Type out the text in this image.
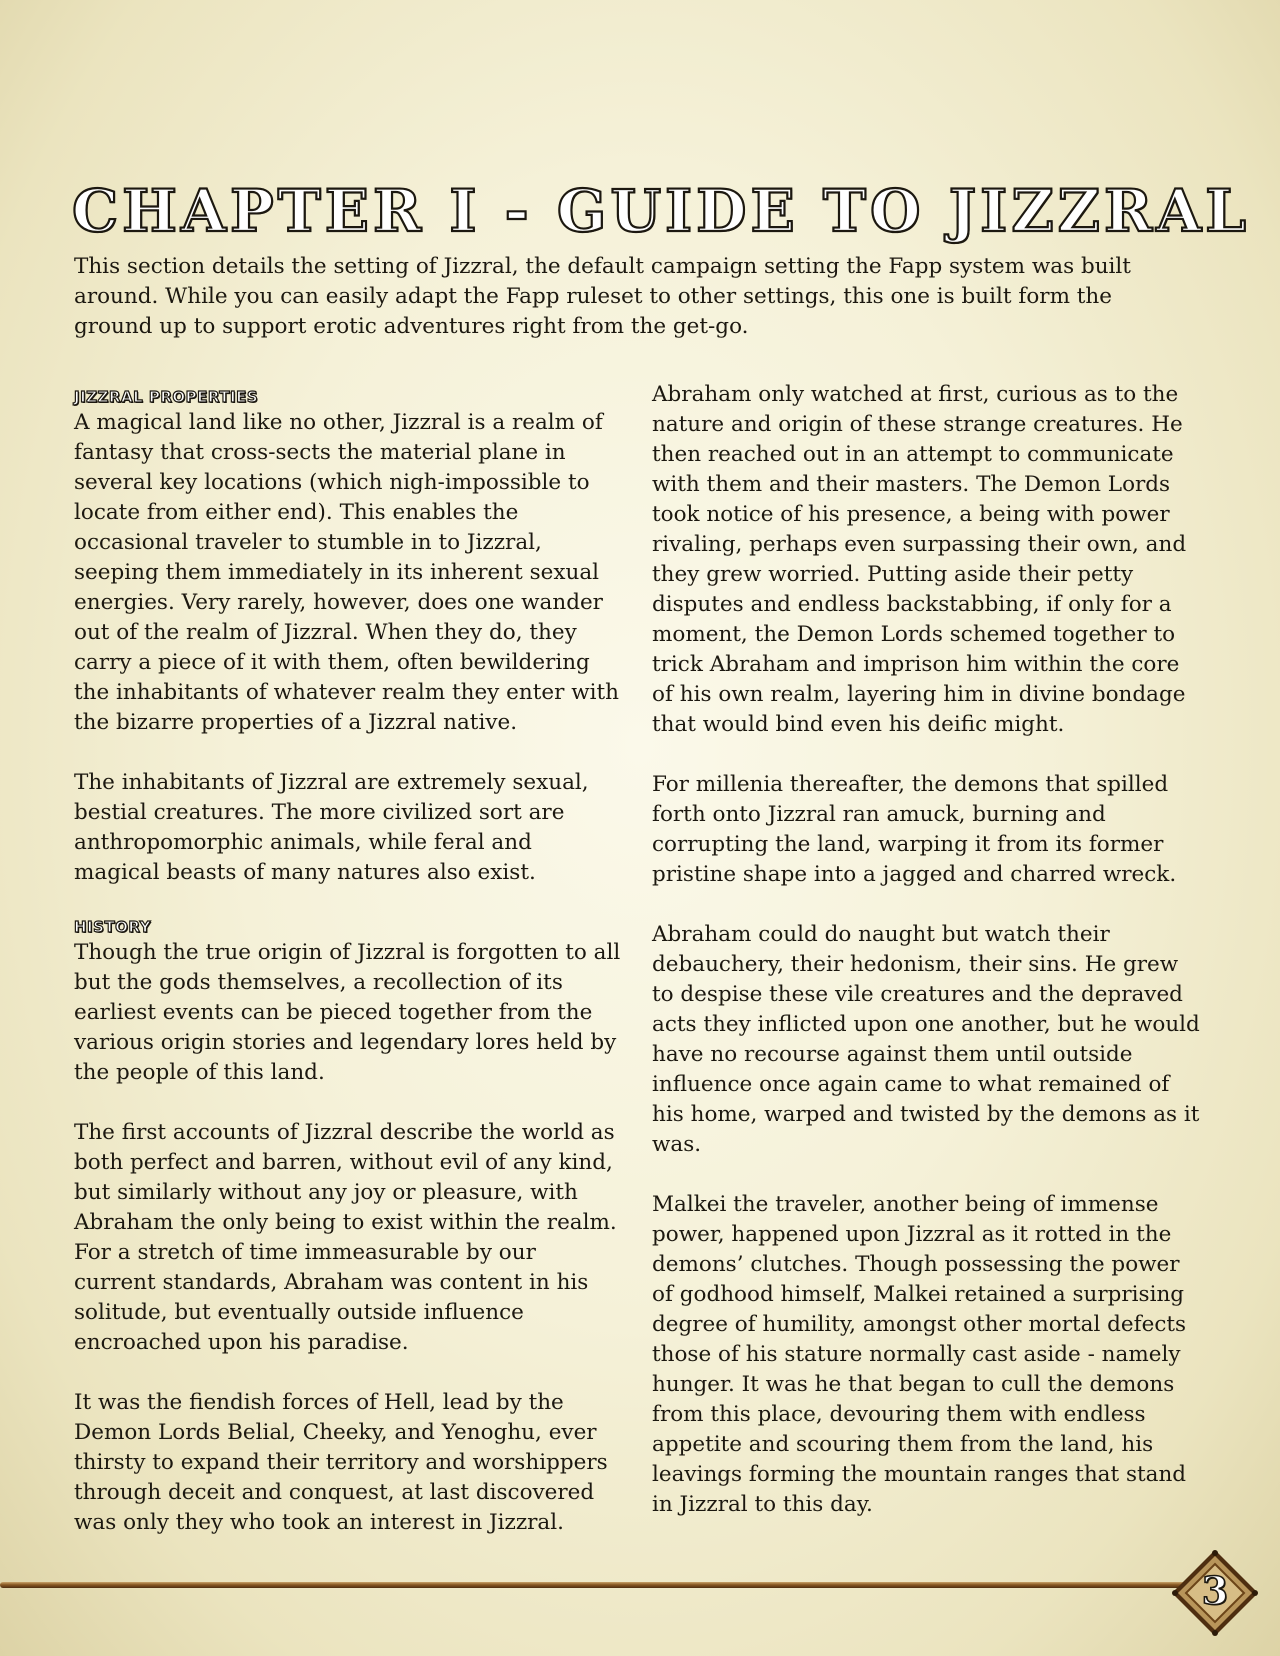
CHAPTER I - GUIDE TO JIZZRAL

This section details the setting of Jizzral, the default campaign setting the Fapp system was built around. While you can easily adapt the Fapp ruleset to other settings, this one is built form the ground up to support erotic adventures right from the get-go.

JIZZRAL PROPERTIES

A magical land like no other, Jizzral is a realm of fantasy that cross-sects the material plane in several key locations (which nigh-impossible to locate from either end). This enables the occasional traveler to stumble in to Jizzral, seeping them immediately in its inherent sexual energies. Very rarely, however, does one wander out of the realm of Jizzral. When they do, they carry a piece of it with them, often bewildering the inhabitants of whatever realm they enter with the bizarre properties of a Jizzral native.

The inhabitants of Jizzral are extremely sexual, bestial creatures. The more civilized sort are anthropomorphic animals, while feral and magical beasts of many natures also exist.

HISTORY

Though the true origin of Jizzral is forgotten to all but the gods themselves, a recollection of its earliest events can be pieced together from the various origin stories and legendary lores held by the people of this land.

The first accounts of Jizzral describe the world as both perfect and barren, without evil of any kind, but similarly without any joy or pleasure, with Abraham the only being to exist within the realm. For a stretch of time immeasurable by our current standards, Abraham was content in his solitude, but eventually outside influence encroached upon his paradise.

It was the fiendish forces of Hell, lead by the Demon Lords Belial, Cheeky, and Yenoghu, ever thirsty to expand their territory and worshippers through deceit and conquest, at last discovered was only they who took an interest in Jizzral.

Abraham only watched at first, curious as to the nature and origin of these strange creatures. He then reached out in an attempt to communicate with them and their masters. The Demon Lords took notice of his presence, a being with power rivaling, perhaps even surpassing their own, and they grew worried. Putting aside their petty disputes and endless backstabbing, if only for a moment, the Demon Lords schemed together to trick Abraham and imprison him within the core of his own realm, layering him in divine bondage that would bind even his deific might.

For millenia thereafter, the demons that spilled forth onto Jizzral ran amuck, burning and corrupting the land, warping it from its former pristine shape into a jagged and charred wreck.

Abraham could do naught but watch their debauchery, their hedonism, their sins. He grew to despise these vile creatures and the depraved acts they inflicted upon one another, but he would have no recourse against them until outside influence once again came to what remained of his home, warped and twisted by the demons as it was.

Malkei the traveler, another being of immense power, happened upon Jizzral as it rotted in the demons’ clutches. Though possessing the power of godhood himself, Malkei retained a surprising degree of humility, amongst other mortal defects those of his stature normally cast aside - namely hunger. It was he that began to cull the demons from this place, devouring them with endless appetite and scouring them from the land, his leavings forming the mountain ranges that stand in Jizzral to this day.

3
